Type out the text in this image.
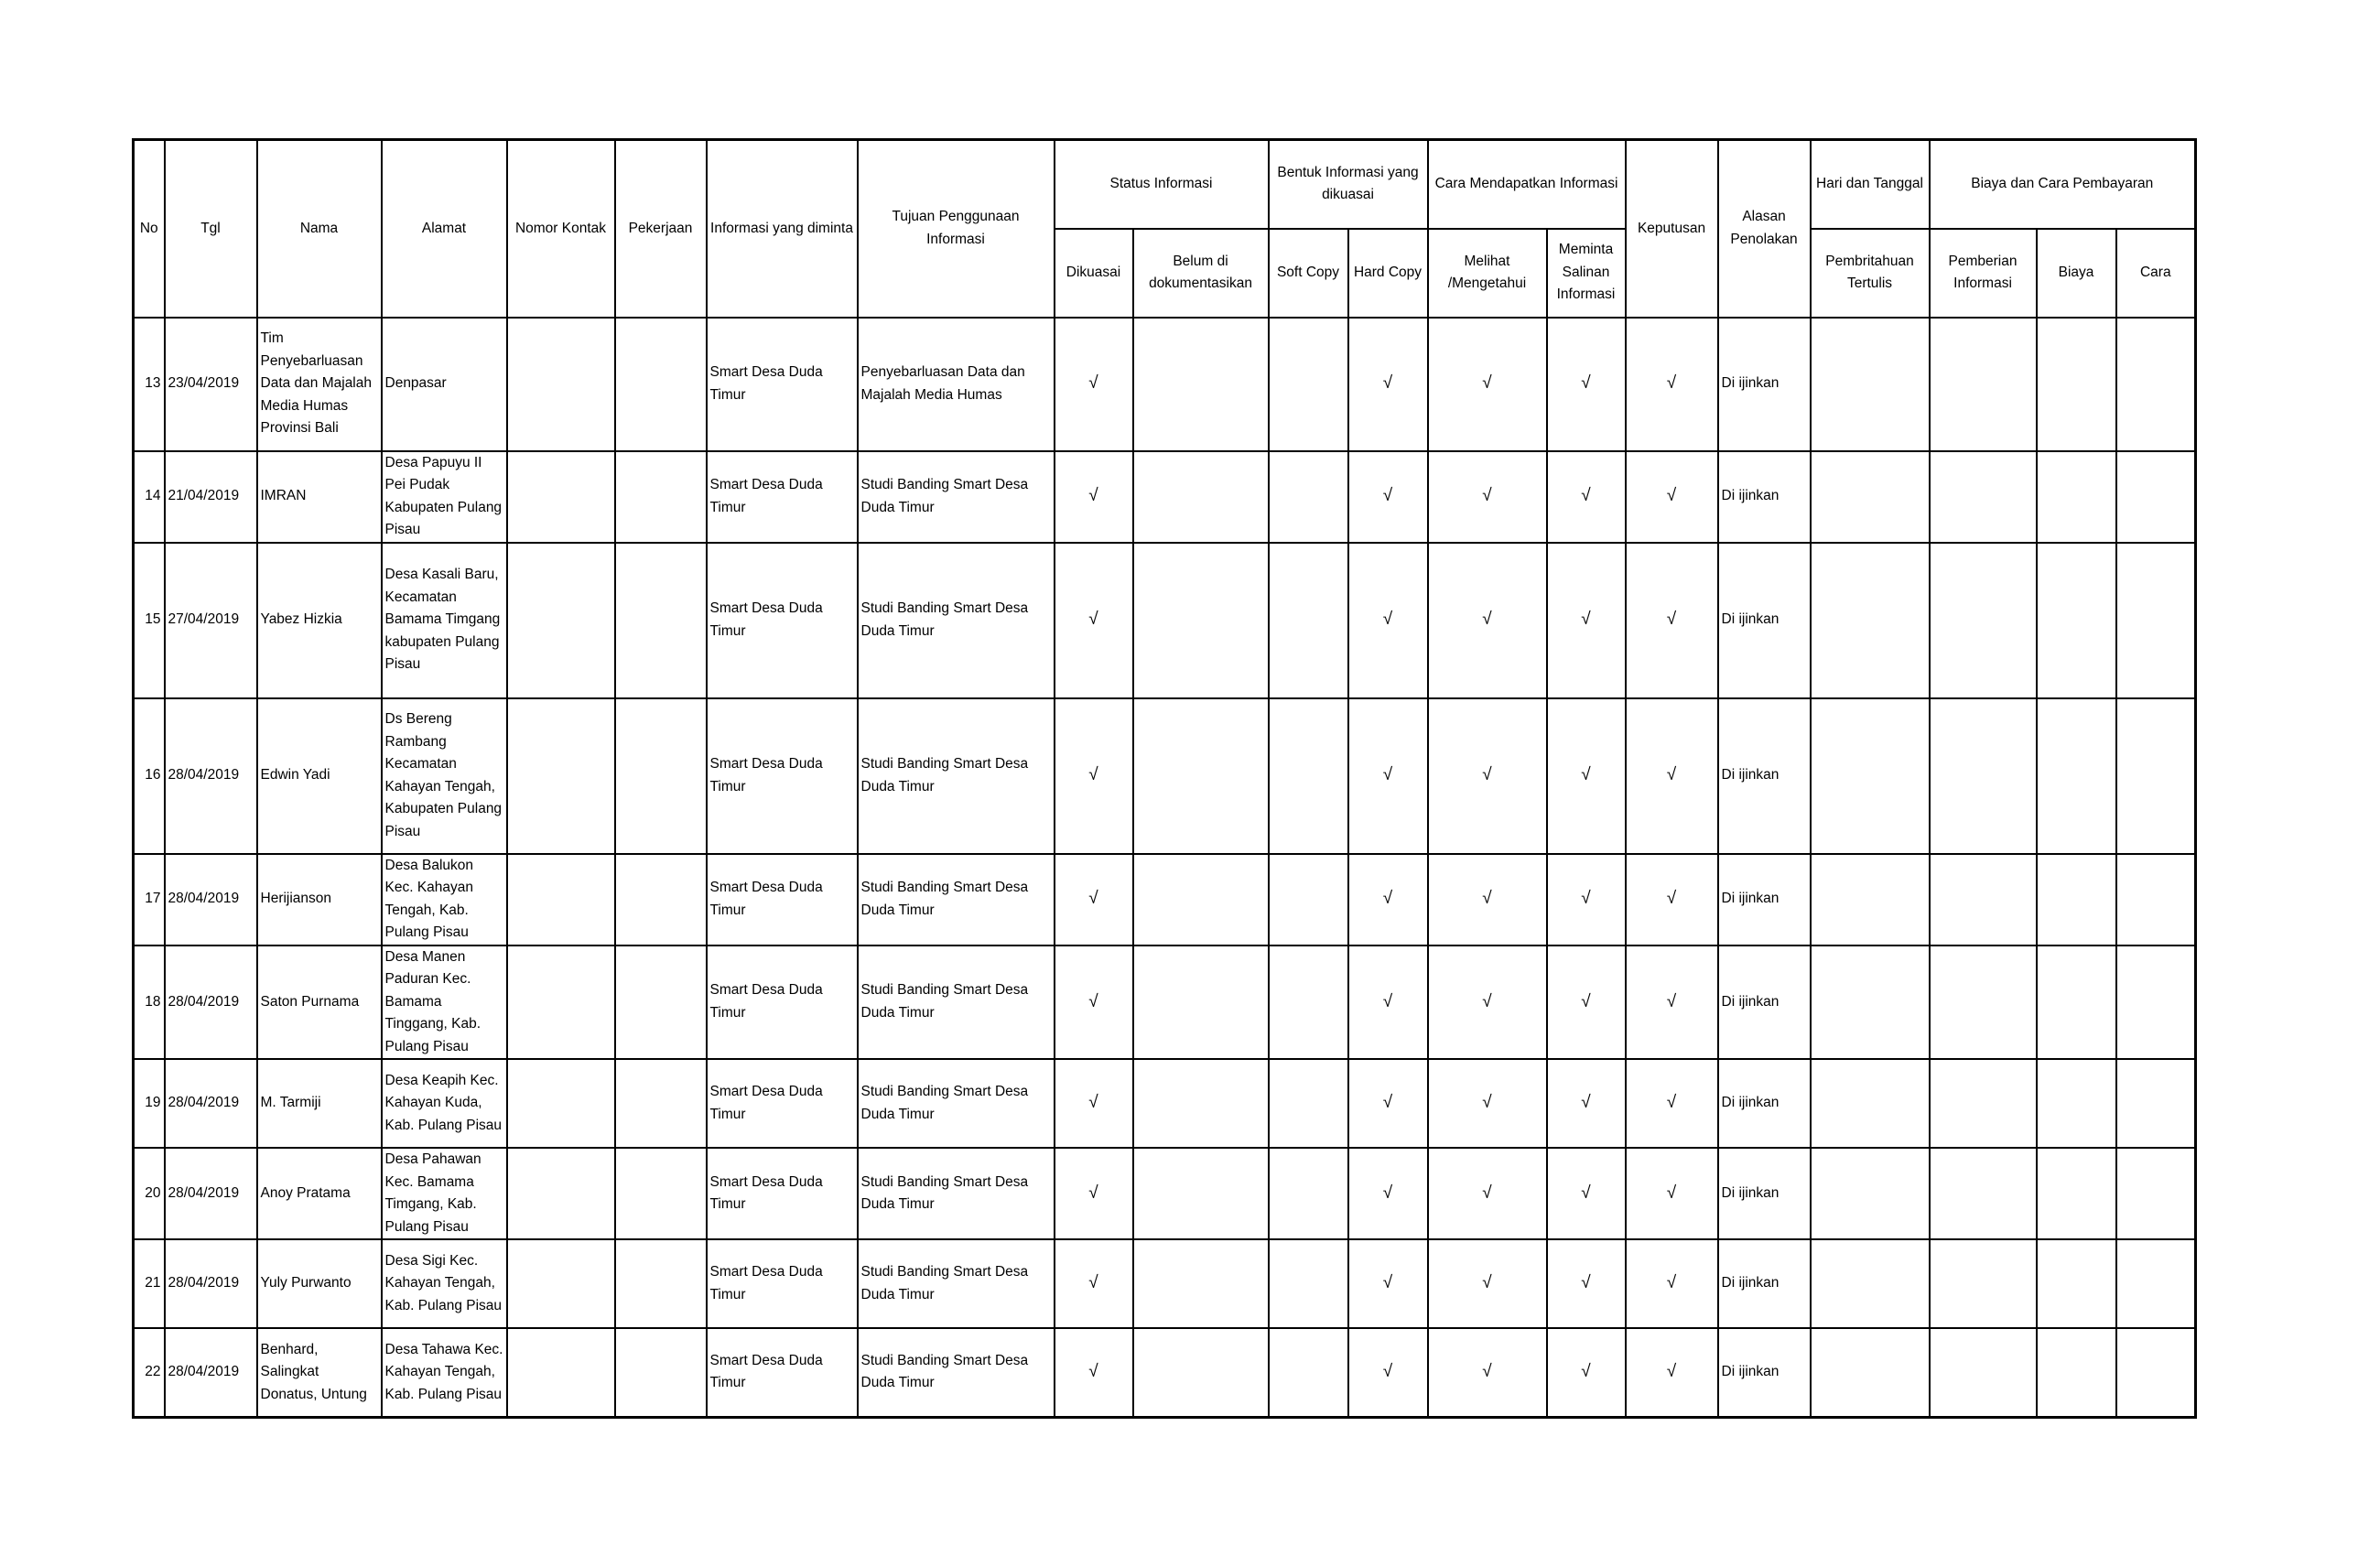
No	Tgl	Nama	Alamat	Nomor Kontak	Pekerjaan	Informasi yang diminta	Tujuan Penggunaan Informasi	Status Informasi		Bentuk Informasi yang dikuasai		Cara Mendapatkan Informasi		Keputusan	Alasan Penolakan	Hari dan Tanggal	Biaya dan Cara Pembayaran		
								Dikuasai	Belum di dokumentasikan	Soft Copy	Hard Copy	Melihat /Mengetahui	Meminta Salinan Informasi			Pembritahuan Tertulis	Pemberian Informasi	Biaya	Cara
13	23/04/2019	Tim Penyebarluasan Data dan Majalah Media Humas Provinsi Bali	Denpasar			Smart Desa Duda Timur	Penyebarluasan Data dan Majalah Media Humas	√			√	√	√	√	Di ijinkan				
14	21/04/2019	IMRAN	Desa Papuyu II Pei Pudak Kabupaten Pulang Pisau			Smart Desa Duda Timur	Studi Banding Smart Desa Duda Timur	√			√	√	√	√	Di ijinkan				
15	27/04/2019	Yabez Hizkia	Desa Kasali Baru, Kecamatan Bamama Timgang kabupaten Pulang Pisau			Smart Desa Duda Timur	Studi Banding Smart Desa Duda Timur	√			√	√	√	√	Di ijinkan				
16	28/04/2019	Edwin Yadi	Ds Bereng Rambang Kecamatan Kahayan Tengah, Kabupaten Pulang Pisau			Smart Desa Duda Timur	Studi Banding Smart Desa Duda Timur	√			√	√	√	√	Di ijinkan				
17	28/04/2019	Herijianson	Desa Balukon Kec. Kahayan Tengah, Kab. Pulang Pisau			Smart Desa Duda Timur	Studi Banding Smart Desa Duda Timur	√			√	√	√	√	Di ijinkan				
18	28/04/2019	Saton Purnama	Desa Manen Paduran Kec. Bamama Tinggang, Kab. Pulang Pisau			Smart Desa Duda Timur	Studi Banding Smart Desa Duda Timur	√			√	√	√	√	Di ijinkan				
19	28/04/2019	M. Tarmiji	Desa Keapih Kec. Kahayan Kuda, Kab. Pulang Pisau			Smart Desa Duda Timur	Studi Banding Smart Desa Duda Timur	√			√	√	√	√	Di ijinkan				
20	28/04/2019	Anoy Pratama	Desa Pahawan Kec. Bamama Timgang, Kab. Pulang Pisau			Smart Desa Duda Timur	Studi Banding Smart Desa Duda Timur	√			√	√	√	√	Di ijinkan				
21	28/04/2019	Yuly Purwanto	Desa Sigi Kec. Kahayan Tengah, Kab. Pulang Pisau			Smart Desa Duda Timur	Studi Banding Smart Desa Duda Timur	√			√	√	√	√	Di ijinkan				
22	28/04/2019	Benhard, Salingkat Donatus, Untung	Desa Tahawa Kec. Kahayan Tengah, Kab. Pulang Pisau			Smart Desa Duda Timur	Studi Banding Smart Desa Duda Timur	√			√	√	√	√	Di ijinkan				
